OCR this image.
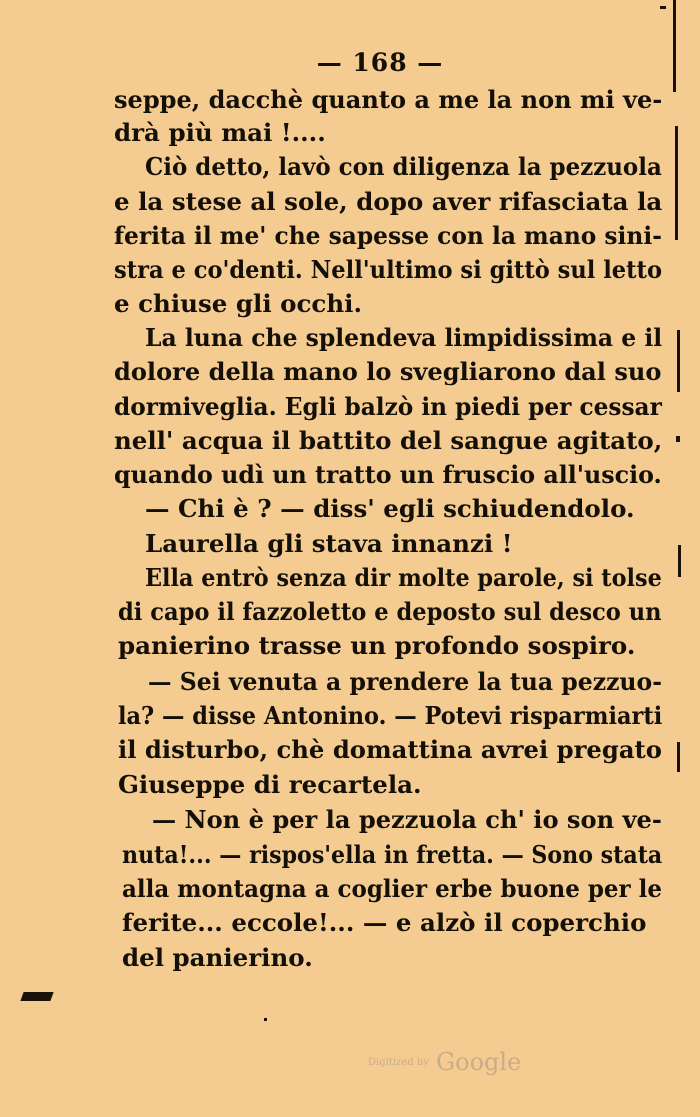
— 168 —
seppe, dacchè quanto a me la non mi ve-
drà più mai !....
Ciò detto, lavò con diligenza la pezzuola
e la stese al sole, dopo aver rifasciata la
ferita il me' che sapesse con la mano sini-
stra e co'denti. Nell'ultimo si gittò sul letto
e chiuse gli occhi.
La luna che splendeva limpidissima e il
dolore della mano lo svegliarono dal suo
dormiveglia. Egli balzò in piedi per cessar
nell' acqua il battito del sangue agitato,
quando udì un tratto un fruscio all'uscio.
— Chi è ? — diss' egli schiudendolo.
Laurella gli stava innanzi !
Ella entrò senza dir molte parole, si tolse
di capo il fazzoletto e deposto sul desco un
panierino trasse un profondo sospiro.
— Sei venuta a prendere la tua pezzuo-
la? — disse Antonino. — Potevi risparmiarti
il disturbo, chè domattina avrei pregato
Giuseppe di recartela.
— Non è per la pezzuola ch' io son ve-
nuta!... — rispos'ella in fretta. — Sono stata
alla montagna a coglier erbe buone per le
ferite... eccole!... — e alzò il coperchio
del panierino.
Digitized by Google
